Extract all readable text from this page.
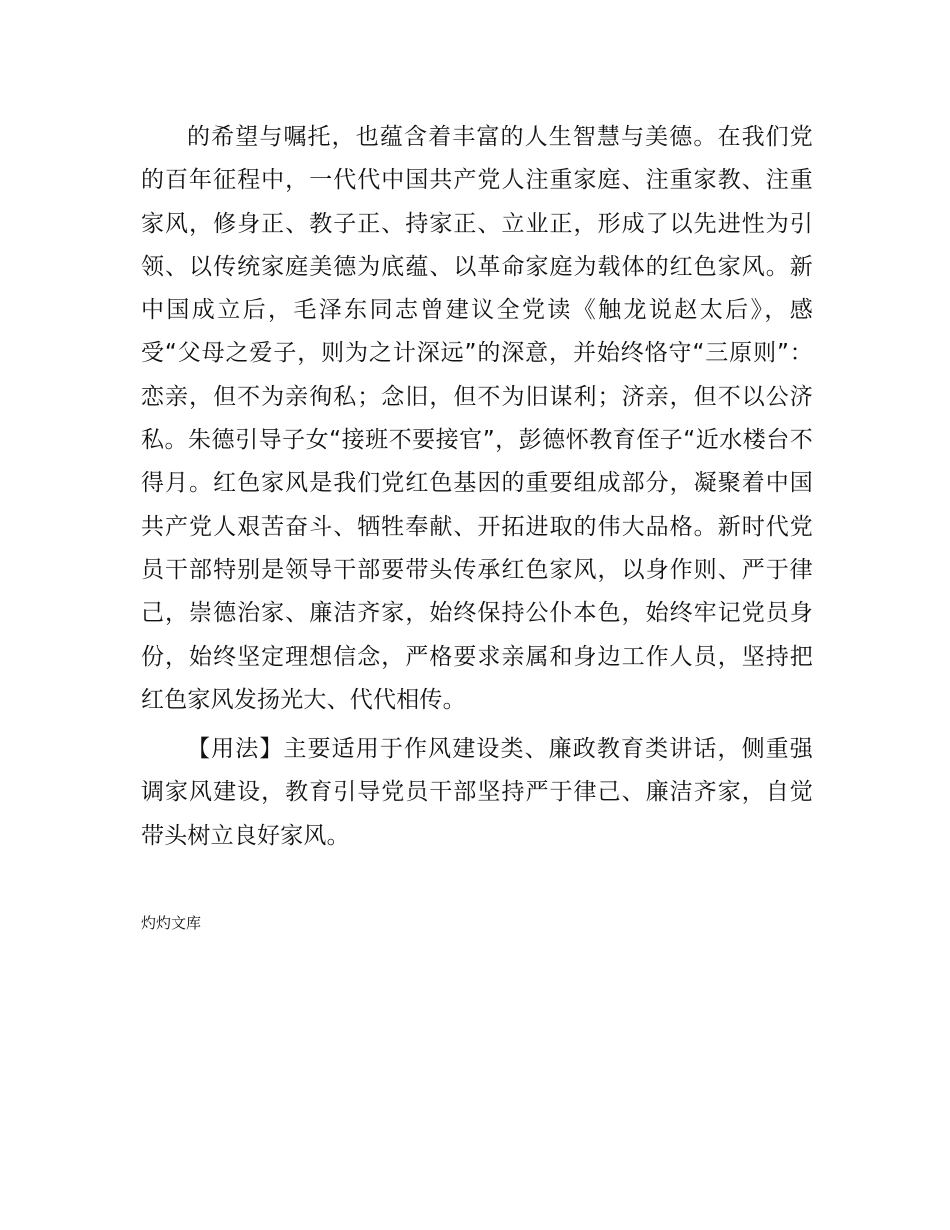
的希望与嘱托，也蕴含着丰富的人生智慧与美德。在我们党的百年征程中，一代代中国共产党人注重家庭、注重家教、注重家风，修身正、教子正、持家正、立业正，形成了以先进性为引领、以传统家庭美德为底蕴、以革命家庭为载体的红色家风。新中国成立后，毛泽东同志曾建议全党读《触龙说赵太后》，感受“父母之爱子，则为之计深远”的深意，并始终恪守“三原则”：恋亲，但不为亲徇私；念旧，但不为旧谋利；济亲，但不以公济私。朱德引导子女“接班不要接官”，彭德怀教育侄子“近水楼台不得月。红色家风是我们党红色基因的重要组成部分，凝聚着中国共产党人艰苦奋斗、牺牲奉献、开拓进取的伟大品格。新时代党员干部特别是领导干部要带头传承红色家风，以身作则、严于律己，崇德治家、廉洁齐家，始终保持公仆本色，始终牢记党员身份，始终坚定理想信念，严格要求亲属和身边工作人员，坚持把红色家风发扬光大、代代相传。

【用法】主要适用于作风建设类、廉政教育类讲话，侧重强调家风建设，教育引导党员干部坚持严于律己、廉洁齐家，自觉带头树立良好家风。

灼灼文库
